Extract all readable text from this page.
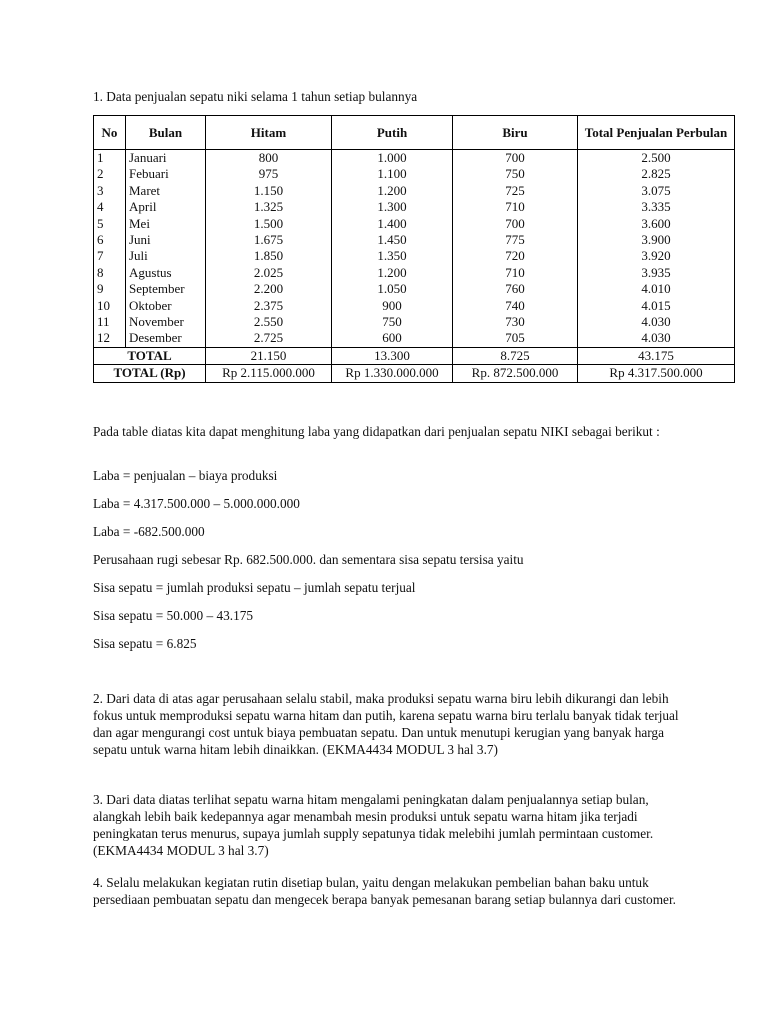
1. Data penjualan sepatu niki selama 1 tahun setiap bulannya
No	Bulan	Hitam	Putih	Biru	Total Penjualan Perbulan
1	Januari	800	1.000	700	2.500
2	Febuari	975	1.100	750	2.825
3	Maret	1.150	1.200	725	3.075
4	April	1.325	1.300	710	3.335
5	Mei	1.500	1.400	700	3.600
6	Juni	1.675	1.450	775	3.900
7	Juli	1.850	1.350	720	3.920
8	Agustus	2.025	1.200	710	3.935
9	September	2.200	1.050	760	4.010
10	Oktober	2.375	900	740	4.015
11	November	2.550	750	730	4.030
12	Desember	2.725	600	705	4.030
TOTAL		21.150	13.300	8.725	43.175
TOTAL (Rp)		Rp 2.115.000.000	Rp 1.330.000.000	Rp. 872.500.000	Rp 4.317.500.000
Pada table diatas kita dapat menghitung laba yang didapatkan dari penjualan sepatu NIKI sebagai berikut :
Laba = penjualan – biaya produksi
Laba = 4.317.500.000 – 5.000.000.000
Laba = -682.500.000
Perusahaan rugi sebesar Rp. 682.500.000. dan sementara sisa sepatu tersisa yaitu
Sisa sepatu = jumlah produksi sepatu – jumlah sepatu terjual
Sisa sepatu = 50.000 – 43.175
Sisa sepatu = 6.825
2. Dari data di atas agar perusahaan selalu stabil, maka produksi sepatu warna biru lebih dikurangi dan lebih fokus untuk memproduksi sepatu warna hitam dan putih, karena sepatu warna biru terlalu banyak tidak terjual dan agar mengurangi cost untuk biaya pembuatan sepatu. Dan untuk menutupi kerugian yang banyak harga sepatu untuk warna hitam lebih dinaikkan. (EKMA4434 MODUL 3 hal 3.7)
3. Dari data diatas terlihat sepatu warna hitam mengalami peningkatan dalam penjualannya setiap bulan, alangkah lebih baik kedepannya agar menambah mesin produksi untuk sepatu warna hitam jika terjadi peningkatan terus menurus, supaya jumlah supply sepatunya tidak melebihi jumlah permintaan customer. (EKMA4434 MODUL 3 hal 3.7)
4. Selalu melakukan kegiatan rutin disetiap bulan, yaitu dengan melakukan pembelian bahan baku untuk persediaan pembuatan sepatu dan mengecek berapa banyak pemesanan barang setiap bulannya dari customer.
